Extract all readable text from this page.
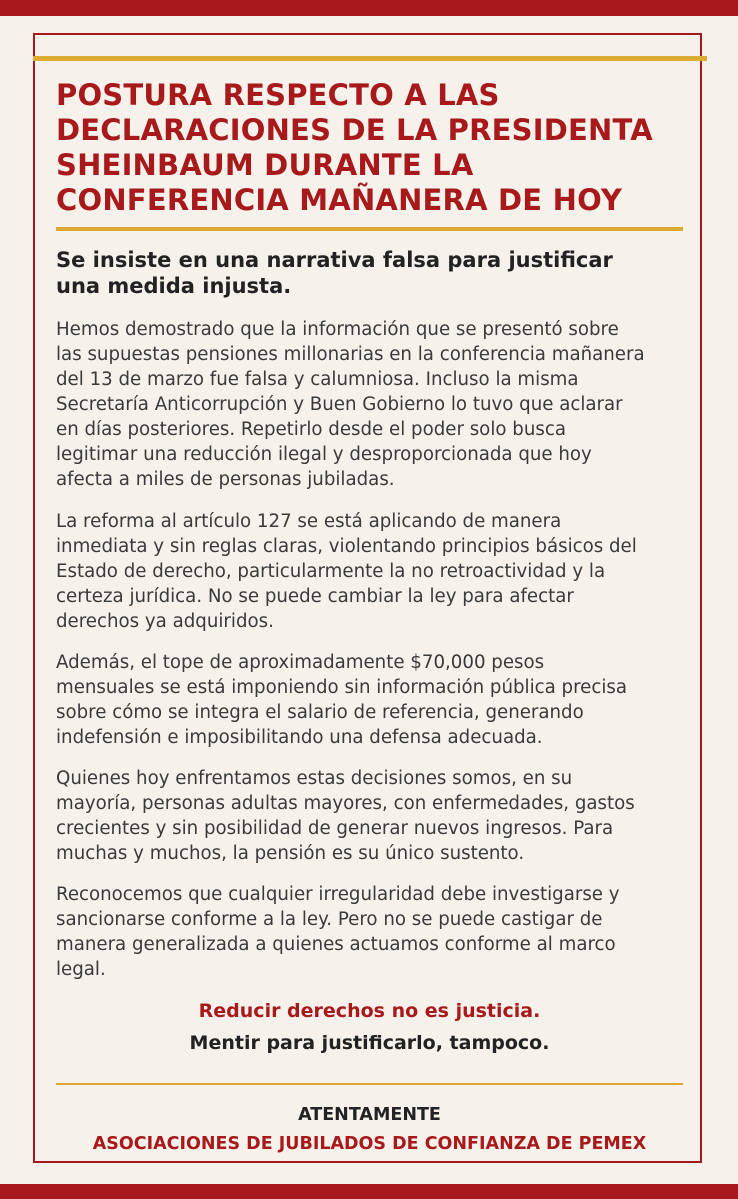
POSTURA RESPECTO A LAS
DECLARACIONES DE LA PRESIDENTA
SHEINBAUM DURANTE LA
CONFERENCIA MAÑANERA DE HOY
Se insiste en una narrativa falsa para justificar
una medida injusta.

Hemos demostrado que la información que se presentó sobre
las supuestas pensiones millonarias en la conferencia mañanera
del 13 de marzo fue falsa y calumniosa. Incluso la misma
Secretaría Anticorrupción y Buen Gobierno lo tuvo que aclarar
en días posteriores. Repetirlo desde el poder solo busca
legitimar una reducción ilegal y desproporcionada que hoy
afecta a miles de personas jubiladas.

La reforma al artículo 127 se está aplicando de manera
inmediata y sin reglas claras, violentando principios básicos del
Estado de derecho, particularmente la no retroactividad y la
certeza jurídica. No se puede cambiar la ley para afectar
derechos ya adquiridos.

Además, el tope de aproximadamente $70,000 pesos
mensuales se está imponiendo sin información pública precisa
sobre cómo se integra el salario de referencia, generando
indefensión e imposibilitando una defensa adecuada.

Quienes hoy enfrentamos estas decisiones somos, en su
mayoría, personas adultas mayores, con enfermedades, gastos
crecientes y sin posibilidad de generar nuevos ingresos. Para
muchas y muchos, la pensión es su único sustento.

Reconocemos que cualquier irregularidad debe investigarse y
sancionarse conforme a la ley. Pero no se puede castigar de
manera generalizada a quienes actuamos conforme al marco
legal.

Reducir derechos no es justicia.

Mentir para justificarlo, tampoco.

ATENTAMENTE

ASOCIACIONES DE JUBILADOS DE CONFIANZA DE PEMEX
